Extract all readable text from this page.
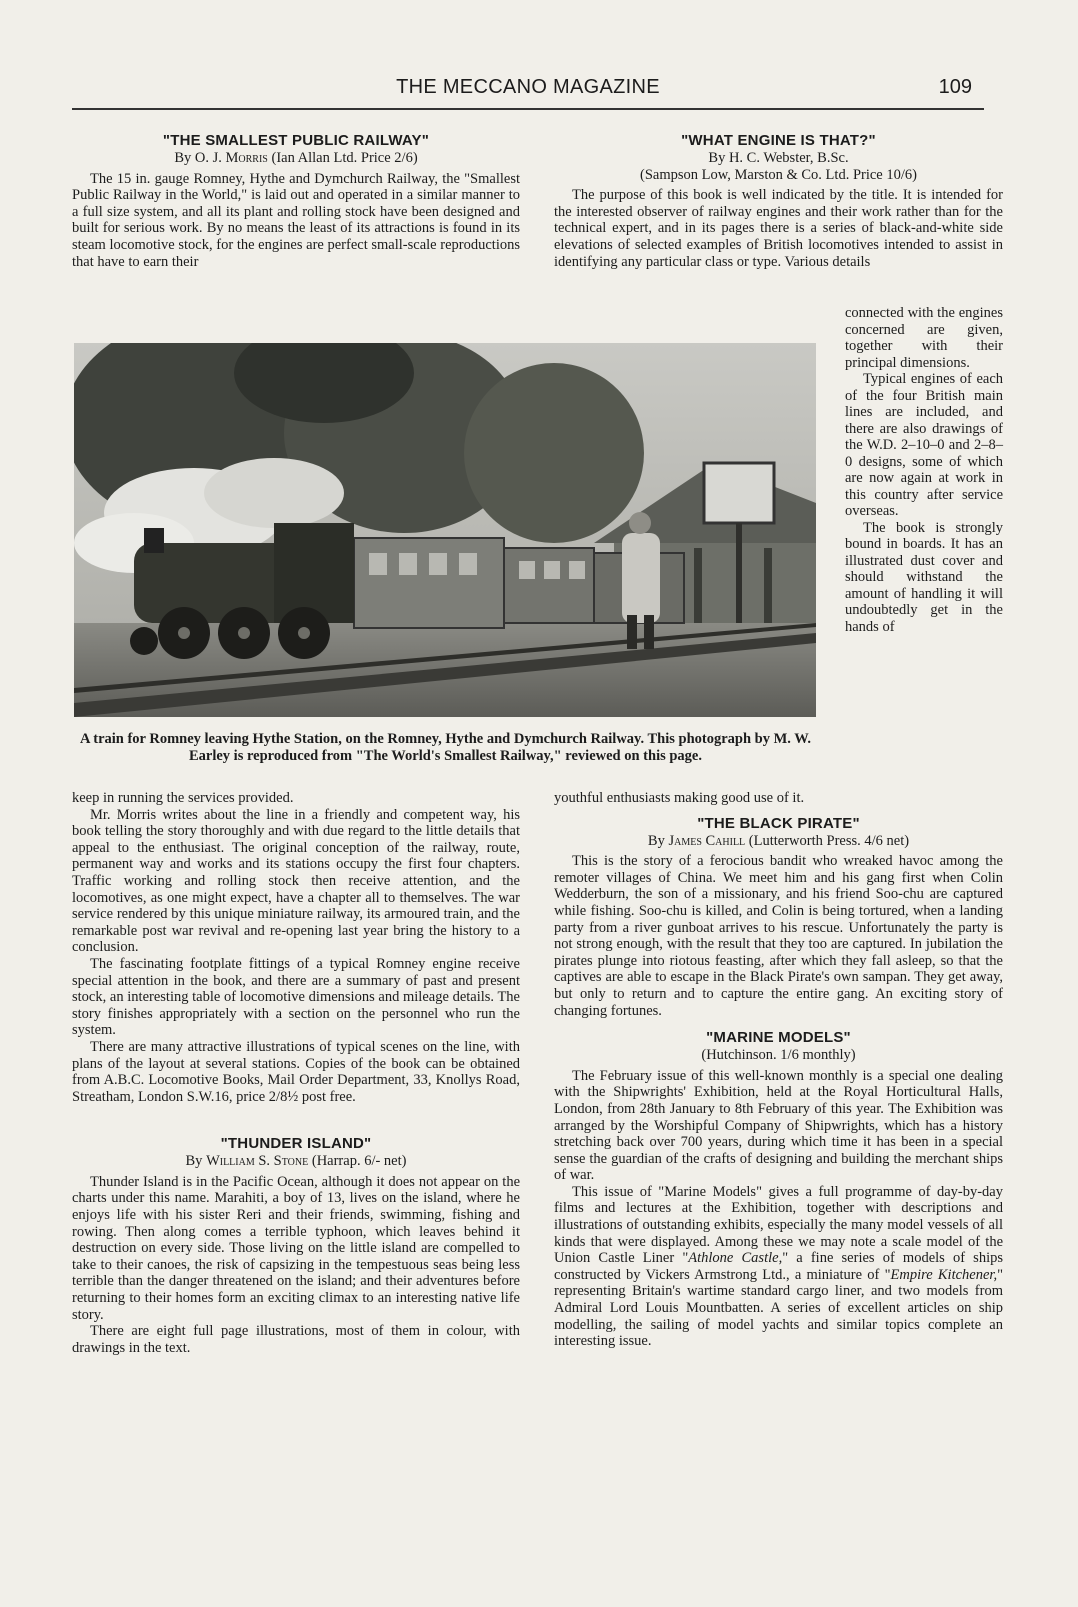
THE MECCANO MAGAZINE	109
"THE SMALLEST PUBLIC RAILWAY"
By O. J. Morris (Ian Allan Ltd. Price 2/6)

The 15 in. gauge Romney, Hythe and Dymchurch Railway, the "Smallest Public Railway in the World," is laid out and operated in a similar manner to a full size system, and all its plant and rolling stock have been designed and built for serious work. By no means the least of its attractions is found in its steam locomotive stock, for the engines are perfect small-scale reproductions that have to earn their

"WHAT ENGINE IS THAT?"
By H. C. Webster, B.Sc.
(Sampson Low, Marston & Co. Ltd. Price 10/6)

The purpose of this book is well indicated by the title. It is intended for the interested observer of railway engines and their work rather than for the technical expert, and in its pages there is a series of black-and-white side elevations of selected examples of British locomotives intended to assist in identifying any particular class or type. Various details

connected with the engines concerned are given, together with their principal dimensions.

Typical engines of each of the four British main lines are included, and there are also drawings of the W.D. 2–10–0 and 2–8–0 designs, some of which are now again at work in this country after service overseas.

The book is strongly bound in boards. It has an illustrated dust cover and should withstand the amount of handling it will undoubtedly get in the hands of

A train for Romney leaving Hythe Station, on the Romney, Hythe and Dymchurch Railway. This photograph by M. W. Earley is reproduced from "The World's Smallest Railway," reviewed on this page.

keep in running the services provided.

Mr. Morris writes about the line in a friendly and competent way, his book telling the story thoroughly and with due regard to the little details that appeal to the enthusiast. The original conception of the railway, route, permanent way and works and its stations occupy the first four chapters. Traffic working and rolling stock then receive attention, and the locomotives, as one might expect, have a chapter all to themselves. The war service rendered by this unique miniature railway, its armoured train, and the remarkable post war revival and re-opening last year bring the history to a conclusion.

The fascinating footplate fittings of a typical Romney engine receive special attention in the book, and there are a summary of past and present stock, an interesting table of locomotive dimensions and mileage details. The story finishes appropriately with a section on the personnel who run the system.

There are many attractive illustrations of typical scenes on the line, with plans of the layout at several stations. Copies of the book can be obtained from A.B.C. Locomotive Books, Mail Order Department, 33, Knollys Road, Streatham, London S.W.16, price 2/8½ post free.

"THUNDER ISLAND"
By William S. Stone (Harrap. 6/- net)

Thunder Island is in the Pacific Ocean, although it does not appear on the charts under this name. Marahiti, a boy of 13, lives on the island, where he enjoys life with his sister Reri and their friends, swimming, fishing and rowing. Then along comes a terrible typhoon, which leaves behind it destruction on every side. Those living on the little island are compelled to take to their canoes, the risk of capsizing in the tempestuous seas being less terrible than the danger threatened on the island; and their adventures before returning to their homes form an exciting climax to an interesting native life story.

There are eight full page illustrations, most of them in colour, with drawings in the text.

youthful enthusiasts making good use of it.

"THE BLACK PIRATE"
By James Cahill (Lutterworth Press. 4/6 net)

This is the story of a ferocious bandit who wreaked havoc among the remoter villages of China. We meet him and his gang first when Colin Wedderburn, the son of a missionary, and his friend Soo-chu are captured while fishing. Soo-chu is killed, and Colin is being tortured, when a landing party from a river gunboat arrives to his rescue. Unfortunately the party is not strong enough, with the result that they too are captured. In jubilation the pirates plunge into riotous feasting, after which they fall asleep, so that the captives are able to escape in the Black Pirate's own sampan. They get away, but only to return and to capture the entire gang. An exciting story of changing fortunes.

"MARINE MODELS"
(Hutchinson. 1/6 monthly)

The February issue of this well-known monthly is a special one dealing with the Shipwrights' Exhibition, held at the Royal Horticultural Halls, London, from 28th January to 8th February of this year. The Exhibition was arranged by the Worshipful Company of Shipwrights, which has a history stretching back over 700 years, during which time it has been in a special sense the guardian of the crafts of designing and building the merchant ships of war.

This issue of "Marine Models" gives a full programme of day-by-day films and lectures at the Exhibition, together with descriptions and illustrations of outstanding exhibits, especially the many model vessels of all kinds that were displayed. Among these we may note a scale model of the Union Castle Liner "Athlone Castle," a fine series of models of ships constructed by Vickers Armstrong Ltd., a miniature of "Empire Kitchener," representing Britain's wartime standard cargo liner, and two models from Admiral Lord Louis Mountbatten. A series of excellent articles on ship modelling, the sailing of model yachts and similar topics complete an interesting issue.
